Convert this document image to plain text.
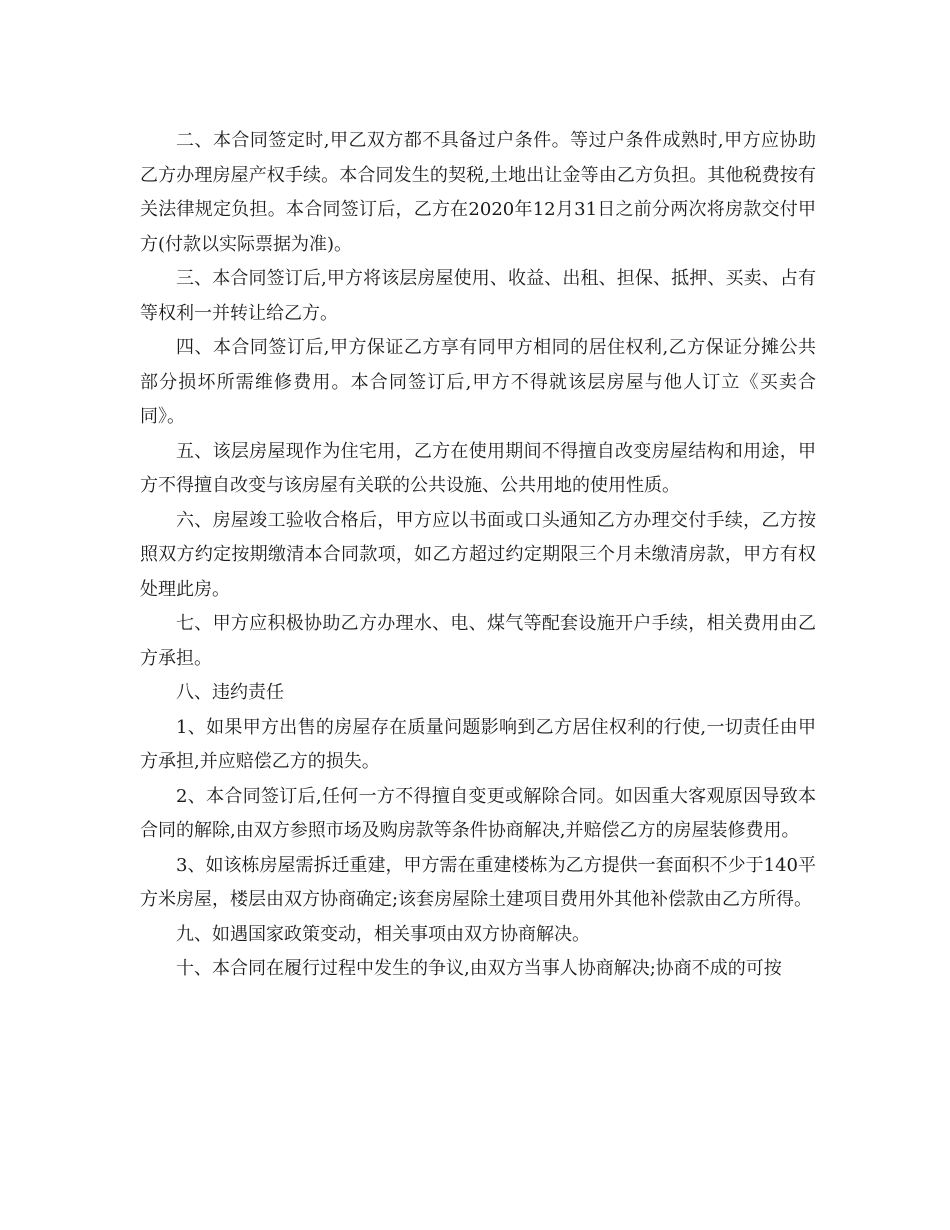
二、本合同签定时,甲乙双方都不具备过户条件。等过户条件成熟时,甲方应协助乙方办理房屋产权手续。本合同发生的契税,土地出让金等由乙方负担。其他税费按有关法律规定负担。本合同签订后，乙方在2020年12月31日之前分两次将房款交付甲方(付款以实际票据为准)。

三、本合同签订后,甲方将该层房屋使用、收益、出租、担保、抵押、买卖、占有等权利一并转让给乙方。

四、本合同签订后,甲方保证乙方享有同甲方相同的居住权利,乙方保证分摊公共部分损坏所需维修费用。本合同签订后,甲方不得就该层房屋与他人订立《买卖合同》。

五、该层房屋现作为住宅用，乙方在使用期间不得擅自改变房屋结构和用途，甲方不得擅自改变与该房屋有关联的公共设施、公共用地的使用性质。

六、房屋竣工验收合格后，甲方应以书面或口头通知乙方办理交付手续，乙方按照双方约定按期缴清本合同款项，如乙方超过约定期限三个月未缴清房款，甲方有权处理此房。

七、甲方应积极协助乙方办理水、电、煤气等配套设施开户手续，相关费用由乙方承担。

八、违约责任

1、如果甲方出售的房屋存在质量问题影响到乙方居住权利的行使,一切责任由甲方承担,并应赔偿乙方的损失。

2、本合同签订后,任何一方不得擅自变更或解除合同。如因重大客观原因导致本合同的解除,由双方参照市场及购房款等条件协商解决,并赔偿乙方的房屋装修费用。

3、如该栋房屋需拆迁重建，甲方需在重建楼栋为乙方提供一套面积不少于140平方米房屋，楼层由双方协商确定;该套房屋除土建项目费用外其他补偿款由乙方所得。

九、如遇国家政策变动，相关事项由双方协商解决。

十、本合同在履行过程中发生的争议,由双方当事人协商解决;协商不成的可按
